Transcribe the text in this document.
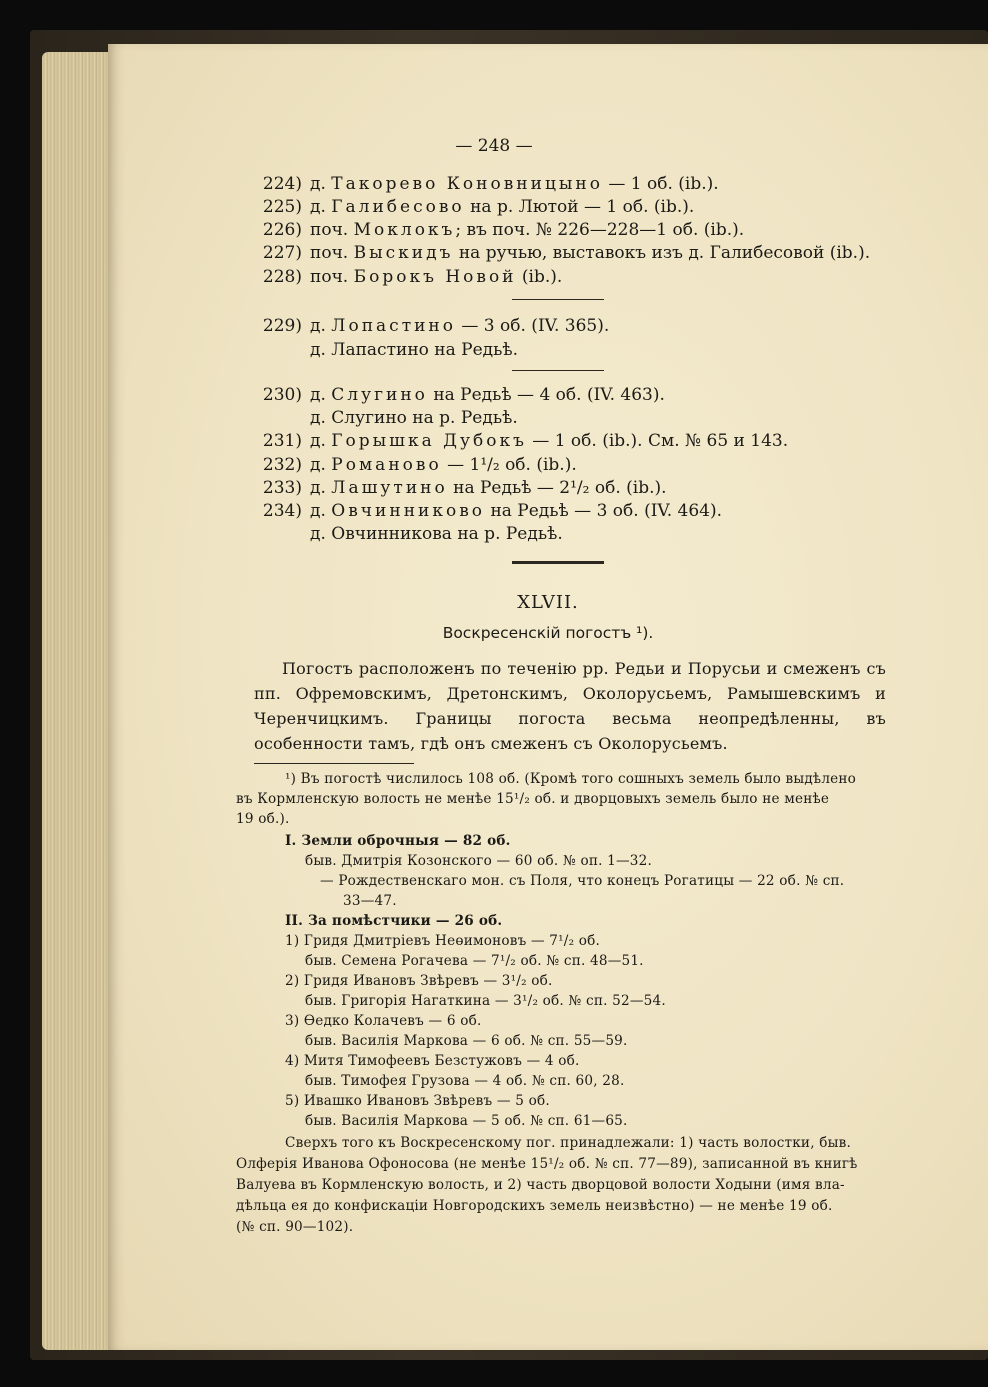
— 248 —
224) д. Такорево Коновницыно — 1 об. (ib.).
225) д. Галибесово на р. Лютой — 1 об. (ib.).
226) поч. Моклокъ; въ поч. № 226—228—1 об. (ib.).
227) поч. Выскидъ на ручью, выставокъ изъ д. Галибесовой (ib.).
228) поч. Борокъ Новой (ib.).
229) д. Лопастино — 3 об. (IV. 365).
д. Лапастино на Редьѣ.
230) д. Слугино на Редьѣ — 4 об. (IV. 463).
д. Слугино на р. Редьѣ.
231) д. Горышка Дубокъ — 1 об. (ib.). См. № 65 и 143.
232) д. Романово — 1¹/₂ об. (ib.).
233) д. Лашутино на Редьѣ — 2¹/₂ об. (ib.).
234) д. Овчинниково на Редьѣ — 3 об. (IV. 464).
д. Овчинникова на р. Редьѣ.
XLVII.
Воскресенскій погостъ ¹).
Погостъ расположенъ по теченію рр. Редьи и Порусьи и смеженъ съ пп. Офремовскимъ, Дретонскимъ, Околорусьемъ, Рамышевскимъ и Черенчицкимъ. Границы погоста весьма неопредѣленны, въ особенности тамъ, гдѣ онъ смеженъ съ Околорусьемъ.
¹) Въ погостѣ числилось 108 об. (Кромѣ того сошныхъ земель было выдѣлено
въ Кормленскую волость не менѣе 15¹/₂ об. и дворцовыхъ земель было не менѣе
19 об.).
I. Земли оброчныя — 82 об.
быв. Дмитрія Козонского — 60 об. № оп. 1—32.
— Рождественскаго мон. съ Поля, что конецъ Рогатицы — 22 об. № сп.
33—47.
II. За помѣстчики — 26 об.
1) Гридя Дмитріевъ Неөимоновъ — 7¹/₂ об.
быв. Семена Рогачева — 7¹/₂ об. № сп. 48—51.
2) Гридя Ивановъ Звѣревъ — 3¹/₂ об.
быв. Григорія Нагаткина — 3¹/₂ об. № сп. 52—54.
3) Өедко Колачевъ — 6 об.
быв. Василія Маркова — 6 об. № сп. 55—59.
4) Митя Тимофеевъ Безстужовъ — 4 об.
быв. Тимофея Грузова — 4 об. № сп. 60, 28.
5) Ивашко Ивановъ Звѣревъ — 5 об.
быв. Василія Маркова — 5 об. № сп. 61—65.
Сверхъ того къ Воскресенскому пог. принадлежали: 1) часть волостки, быв.
Олферія Иванова Офоносова (не менѣе 15¹/₂ об. № сп. 77—89), записанной въ книгѣ
Валуева въ Кормленскую волость, и 2) часть дворцовой волости Ходыни (имя вла-
дѣльца ея до конфискаціи Новгородскихъ земель неизвѣстно) — не менѣе 19 об.
(№ сп. 90—102).
